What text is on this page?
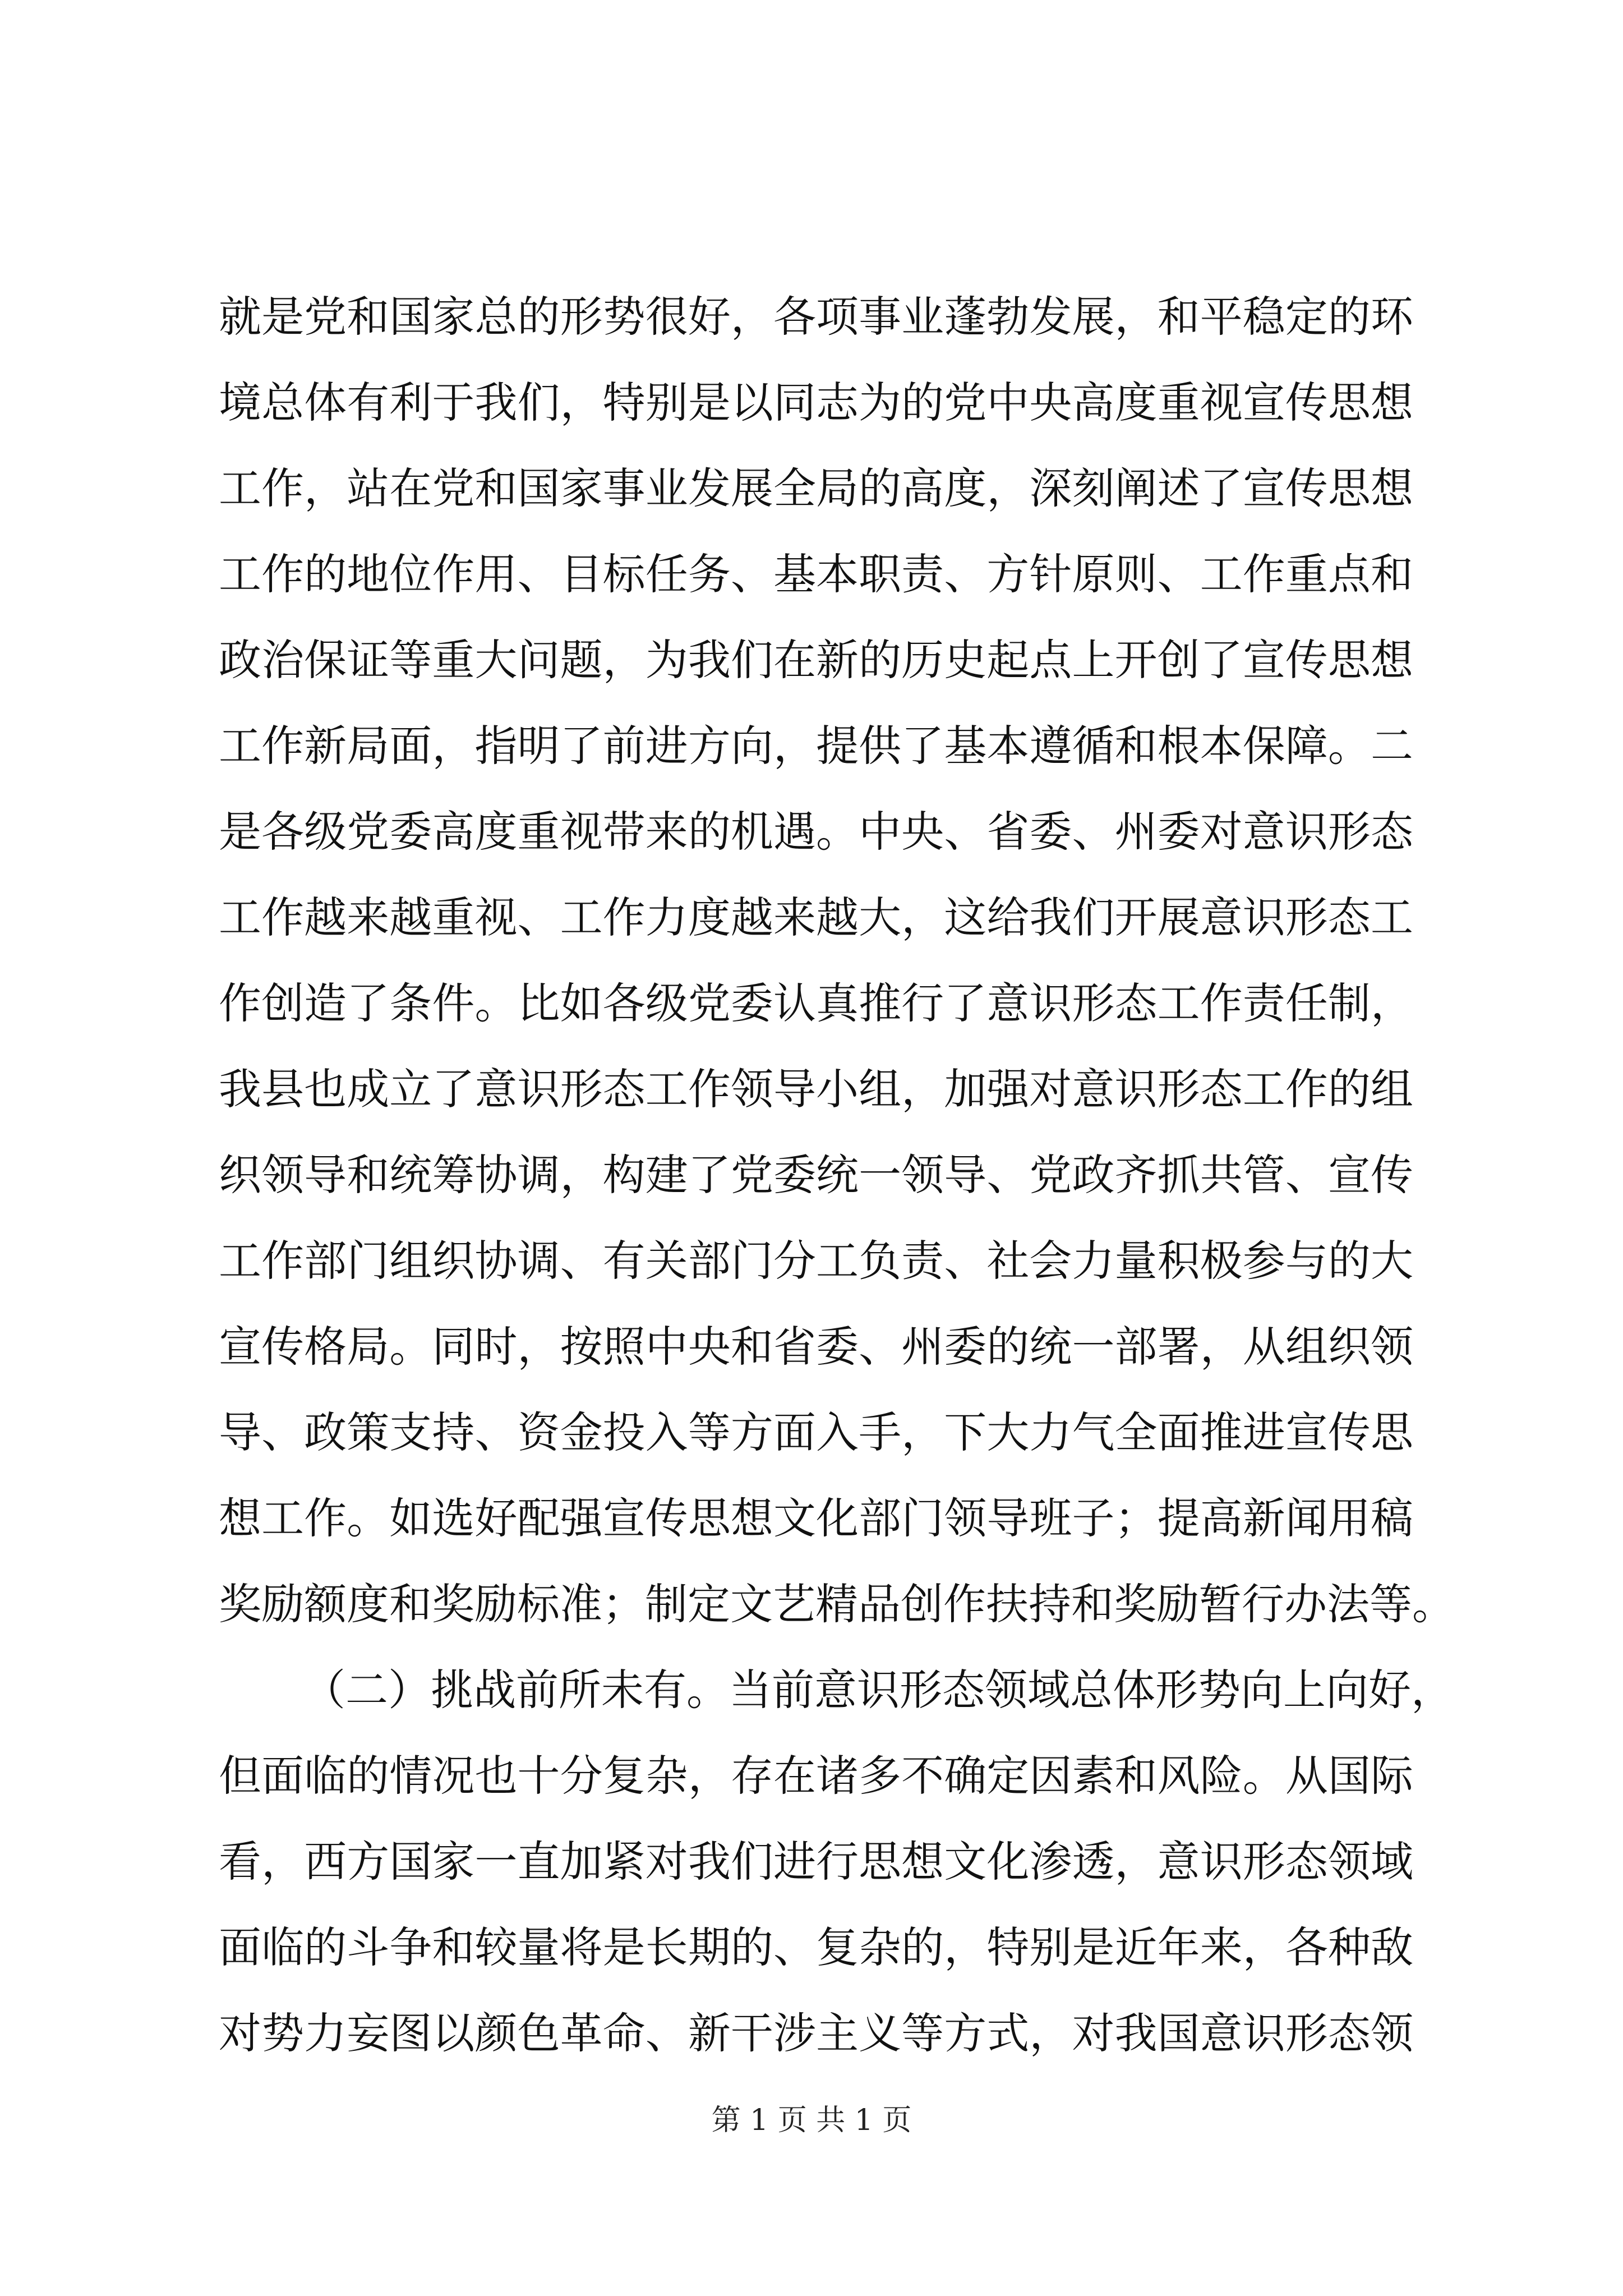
就是党和国家总的形势很好，各项事业蓬勃发展，和平稳定的环
境总体有利于我们，特别是以同志为的党中央高度重视宣传思想
工作，站在党和国家事业发展全局的高度，深刻阐述了宣传思想
工作的地位作用、目标任务、基本职责、方针原则、工作重点和
政治保证等重大问题，为我们在新的历史起点上开创了宣传思想
工作新局面，指明了前进方向，提供了基本遵循和根本保障。二
是各级党委高度重视带来的机遇。中央、省委、州委对意识形态
工作越来越重视、工作力度越来越大，这给我们开展意识形态工
作创造了条件。比如各级党委认真推行了意识形态工作责任制，
我县也成立了意识形态工作领导小组，加强对意识形态工作的组
织领导和统筹协调，构建了党委统一领导、党政齐抓共管、宣传
工作部门组织协调、有关部门分工负责、社会力量积极参与的大
宣传格局。同时，按照中央和省委、州委的统一部署，从组织领
导、政策支持、资金投入等方面入手，下大力气全面推进宣传思
想工作。如选好配强宣传思想文化部门领导班子；提高新闻用稿
奖励额度和奖励标准；制定文艺精品创作扶持和奖励暂行办法等。
（二）挑战前所未有。当前意识形态领域总体形势向上向好，
但面临的情况也十分复杂，存在诸多不确定因素和风险。从国际
看，西方国家一直加紧对我们进行思想文化渗透，意识形态领域
面临的斗争和较量将是长期的、复杂的，特别是近年来，各种敌
对势力妄图以颜色革命、新干涉主义等方式，对我国意识形态领
第 1 页 共 1 页
